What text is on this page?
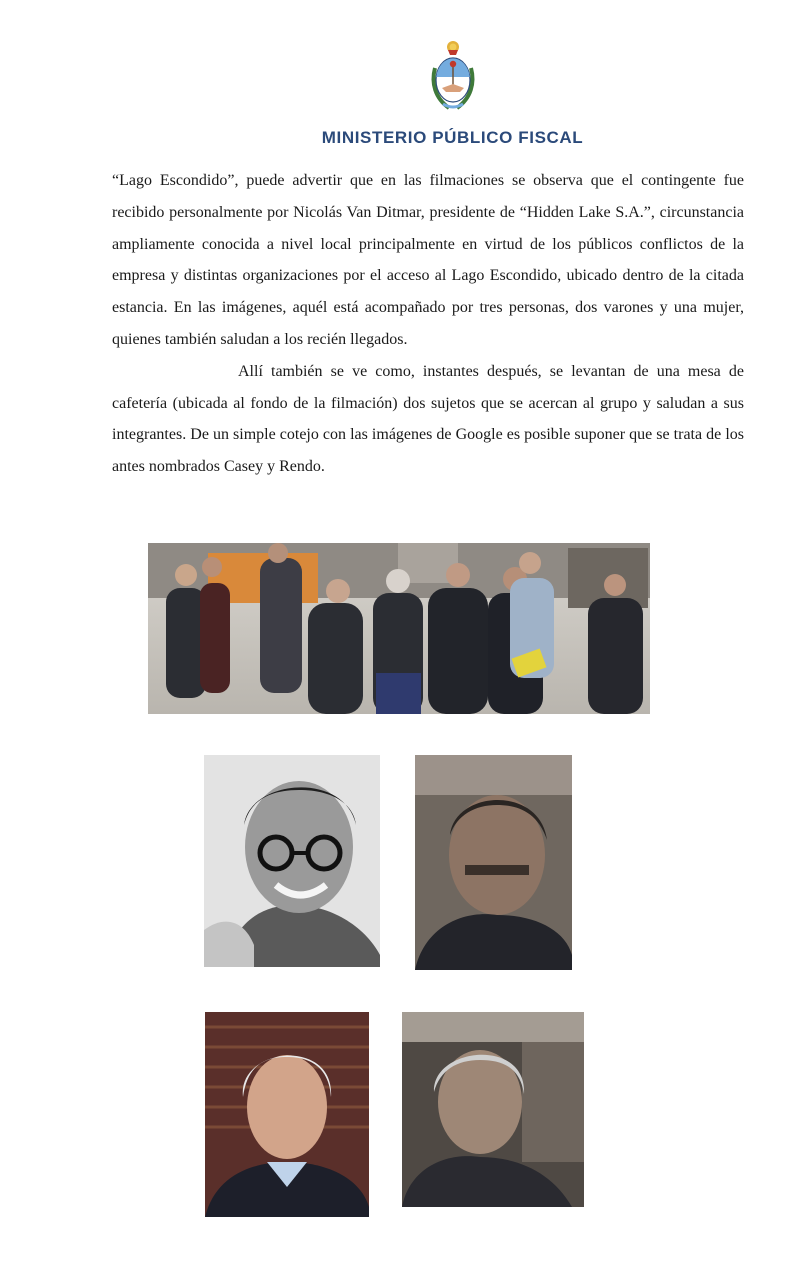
MINISTERIO PÚBLICO FISCAL

“Lago Escondido”, puede advertir que en las filmaciones se observa que el contingente fue recibido personalmente por Nicolás Van Ditmar, presidente de “Hidden Lake S.A.”, circunstancia ampliamente conocida a nivel local principalmente en virtud de los públicos conflictos de la empresa y distintas organizaciones por el acceso al Lago Escondido, ubicado dentro de la citada estancia. En las imágenes, aquél está acompañado por tres personas, dos varones y una mujer, quienes también saludan a los recién llegados.

Allí también se ve como, instantes después, se levantan de una mesa de cafetería (ubicada al fondo de la filmación) dos sujetos que se acercan al grupo y saludan a sus integrantes. De un simple cotejo con las imágenes de Google es posible suponer que se trata de los antes nombrados Casey y Rendo.
